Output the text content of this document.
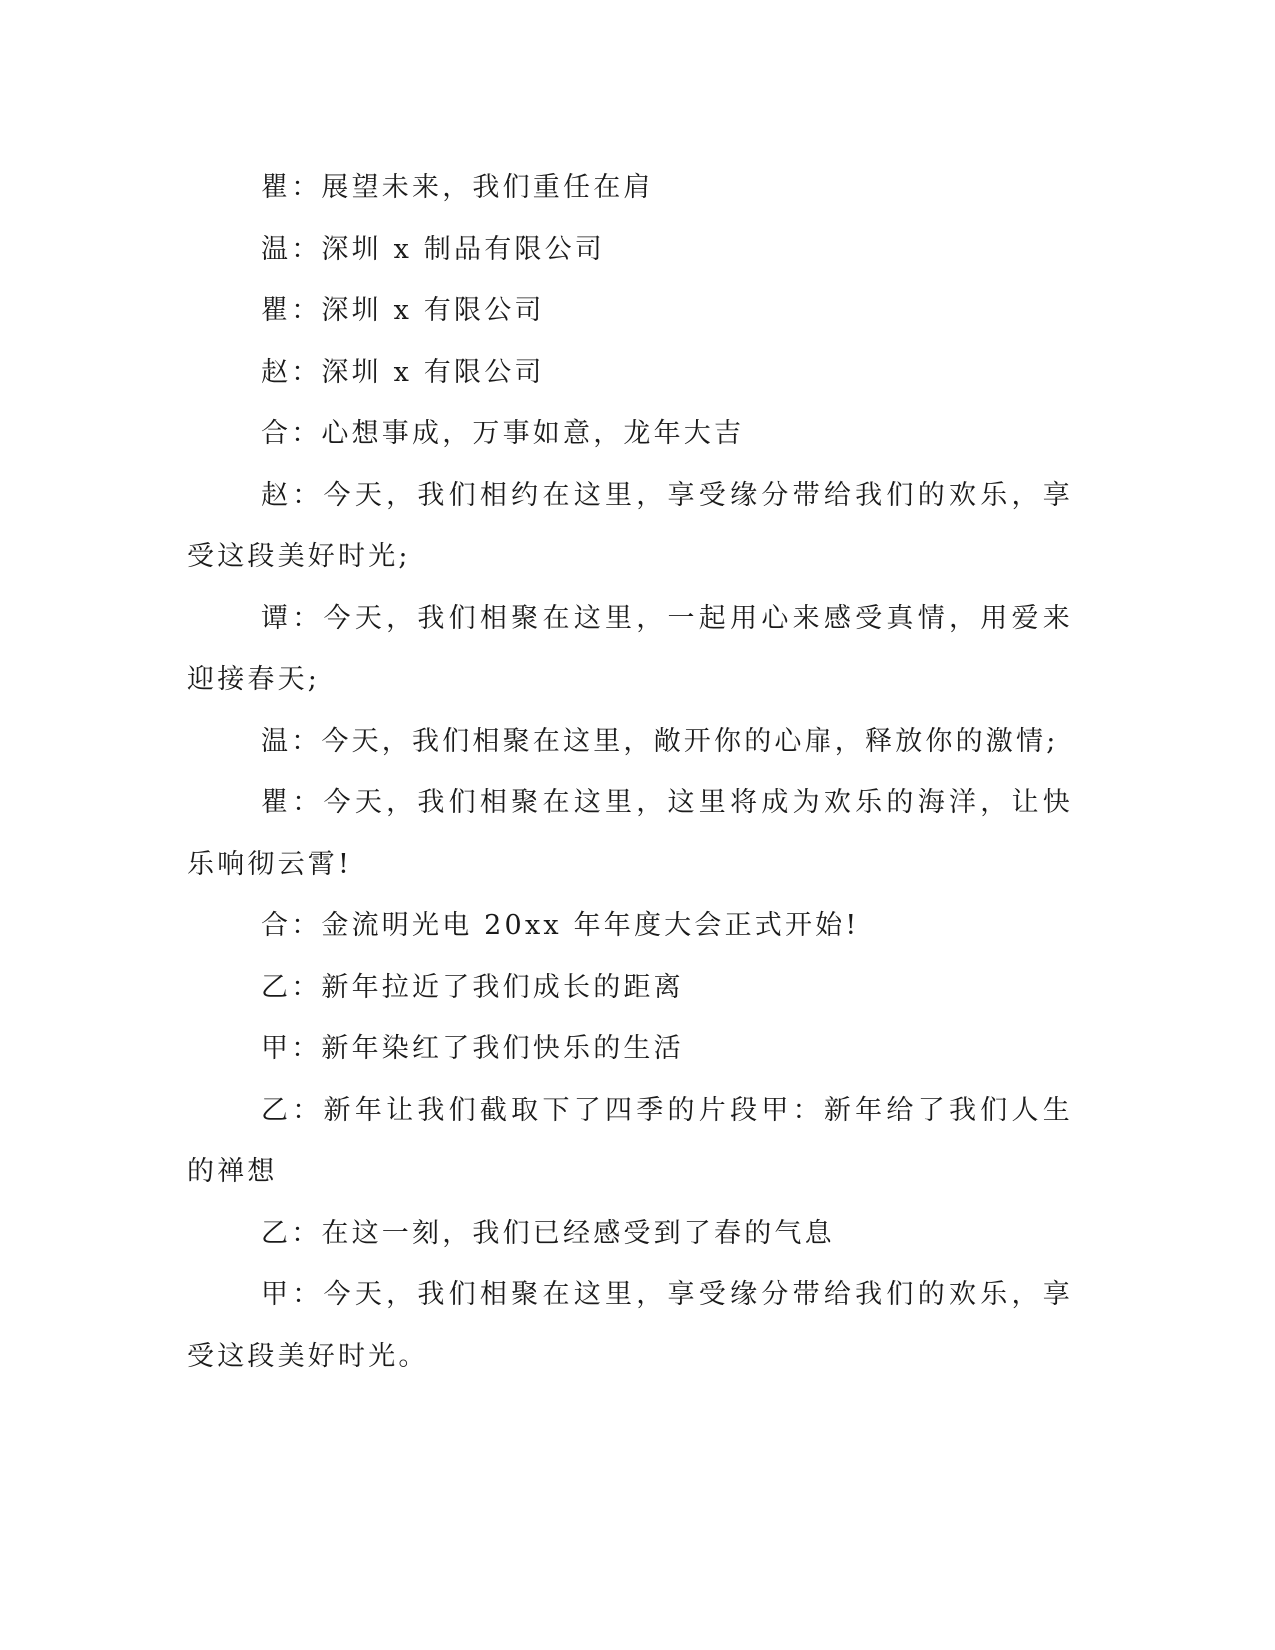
瞿：展望未来，我们重任在肩

温：深圳 x 制品有限公司

瞿：深圳 x 有限公司

赵：深圳 x 有限公司

合：心想事成，万事如意，龙年大吉

赵：今天，我们相约在这里，享受缘分带给我们的欢乐，享受这段美好时光;

谭：今天，我们相聚在这里，一起用心来感受真情，用爱来迎接春天;

温：今天，我们相聚在这里，敞开你的心扉，释放你的激情;

瞿：今天，我们相聚在这里，这里将成为欢乐的海洋，让快乐响彻云霄!

合：金流明光电 20xx 年年度大会正式开始!

乙：新年拉近了我们成长的距离

甲：新年染红了我们快乐的生活

乙：新年让我们截取下了四季的片段甲：新年给了我们人生的禅想

乙：在这一刻，我们已经感受到了春的气息

甲：今天，我们相聚在这里，享受缘分带给我们的欢乐，享受这段美好时光。
